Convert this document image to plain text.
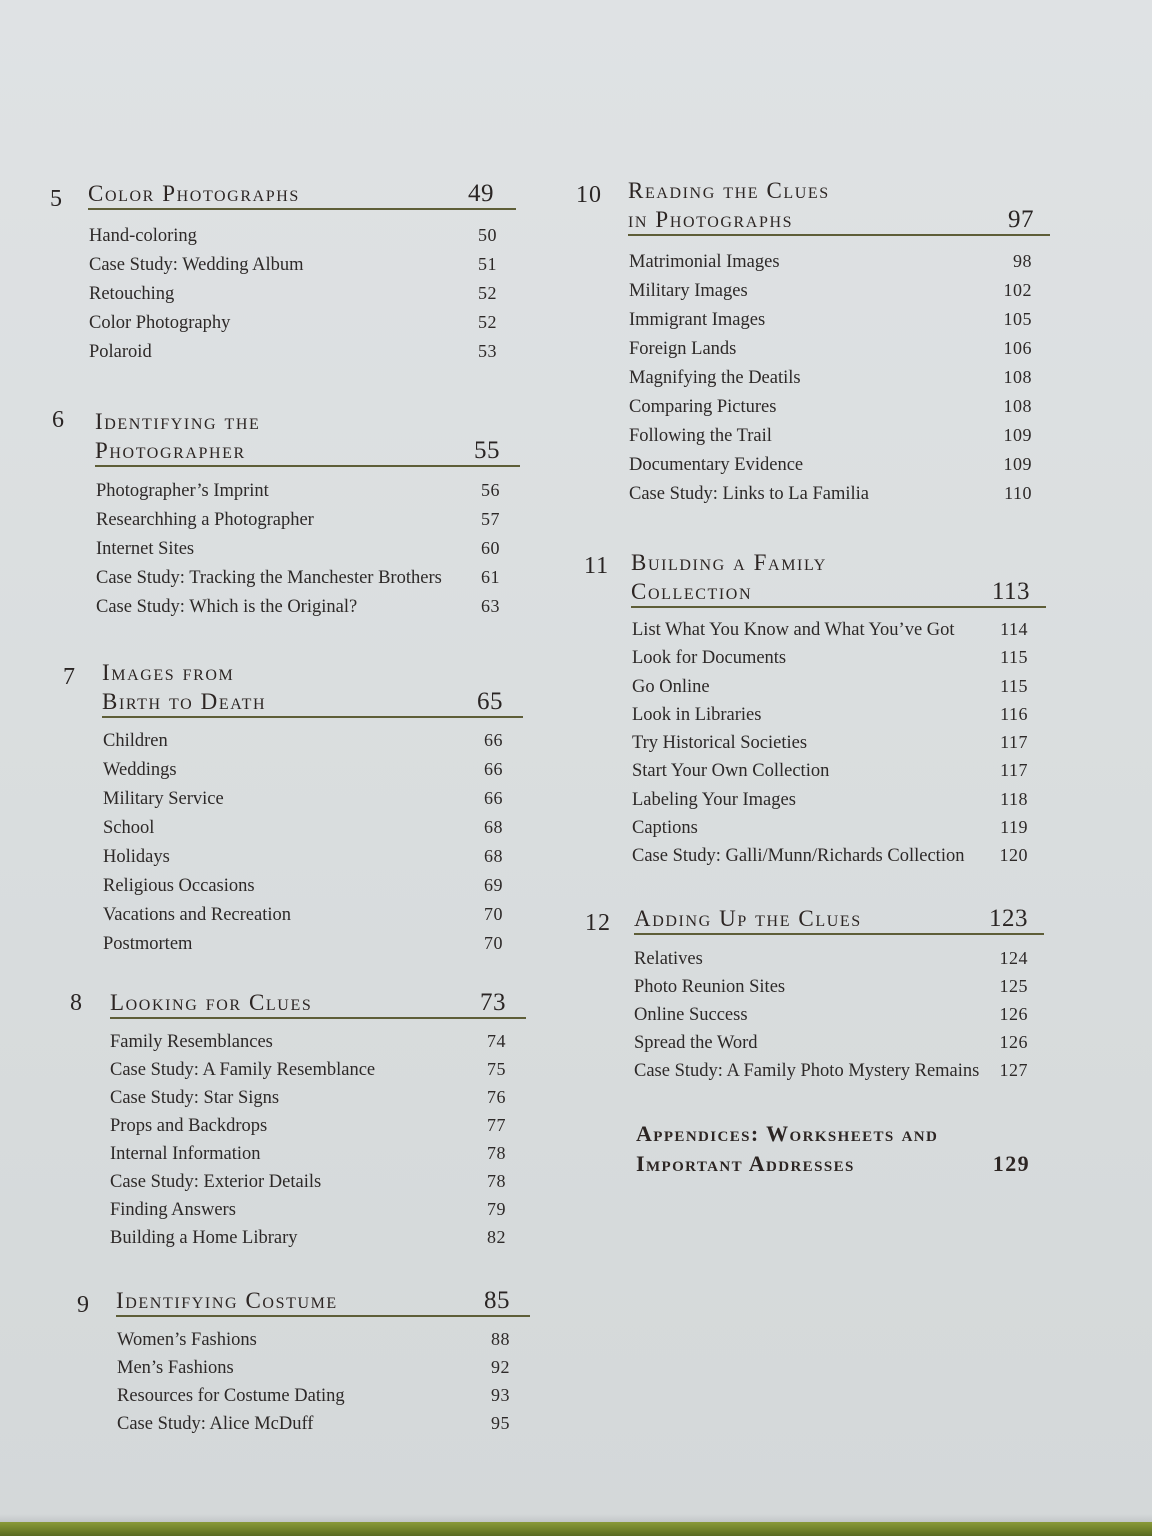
5 Color Photographs	49
Hand-coloring	50
Case Study: Wedding Album	51
Retouching	52
Color Photography	52
Polaroid	53
6 Identifying the
Photographer	55
Photographer’s Imprint	56
Researchhing a Photographer	57
Internet Sites	60
Case Study: Tracking the Manchester Brothers 61
Case Study: Which is the Original?	63
7 Images from
Birth to Death	65
Children	66
Weddings	66
Military Service	66
School	68
Holidays	68
Religious Occasions	69
Vacations and Recreation	70
Postmortem	70
8 Looking for Clues	73
Family Resemblances	74
Case Study: A Family Resemblance	75
Case Study: Star Signs	76
Props and Backdrops	77
Internal Information	78
Case Study: Exterior Details	78
Finding Answers	79
Building a Home Library	82
9 Identifying Costume	85
Women’s Fashions	88
Men’s Fashions	92
Resources for Costume Dating	93
Case Study: Alice McDuff	95
10 Reading the Clues
in Photographs	97
Matrimonial Images	98
Military Images	102
Immigrant Images	105
Foreign Lands	106
Magnifying the Deatils	108
Comparing Pictures	108
Following the Trail	109
Documentary Evidence	109
Case Study: Links to La Familia	110
11 Building a Family
Collection	113
List What You Know and What You’ve Got	114
Look for Documents	115
Go Online	115
Look in Libraries	116
Try Historical Societies	117
Start Your Own Collection	117
Labeling Your Images	118
Captions	119
Case Study: Galli/Munn/Richards Collection 120
12 Adding Up the Clues	123
Relatives	124
Photo Reunion Sites	125
Online Success	126
Spread the Word	126
Case Study: A Family Photo Mystery Remains 127
Appendices: Worksheets and
Important Addresses	129
